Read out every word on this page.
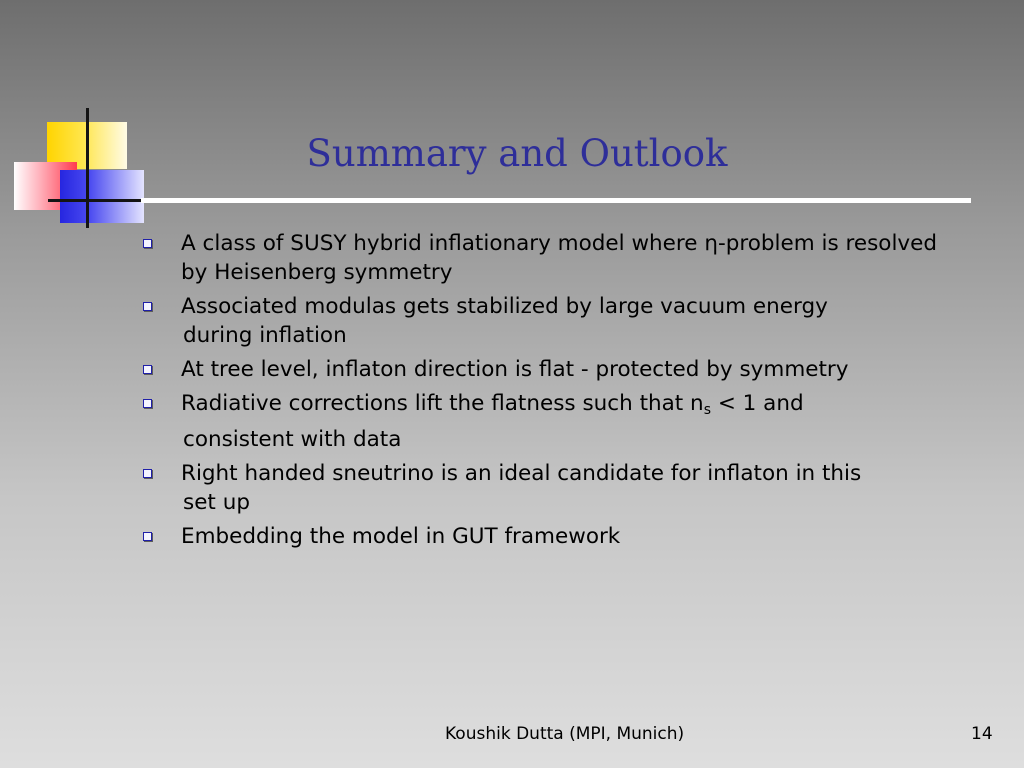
Summary and Outlook
A class of SUSY hybrid inflationary model where η-problem is resolved
by Heisenberg symmetry
Associated modulas gets stabilized by large vacuum energy
during inflation
At tree level, inflaton direction is flat - protected by symmetry
Radiative corrections lift the flatness such that $n_s < 1$ and
consistent with data
Right handed sneutrino is an ideal candidate for inflaton in this
set up
Embedding the model in GUT framework
Koushik Dutta (MPI, Munich)	14
